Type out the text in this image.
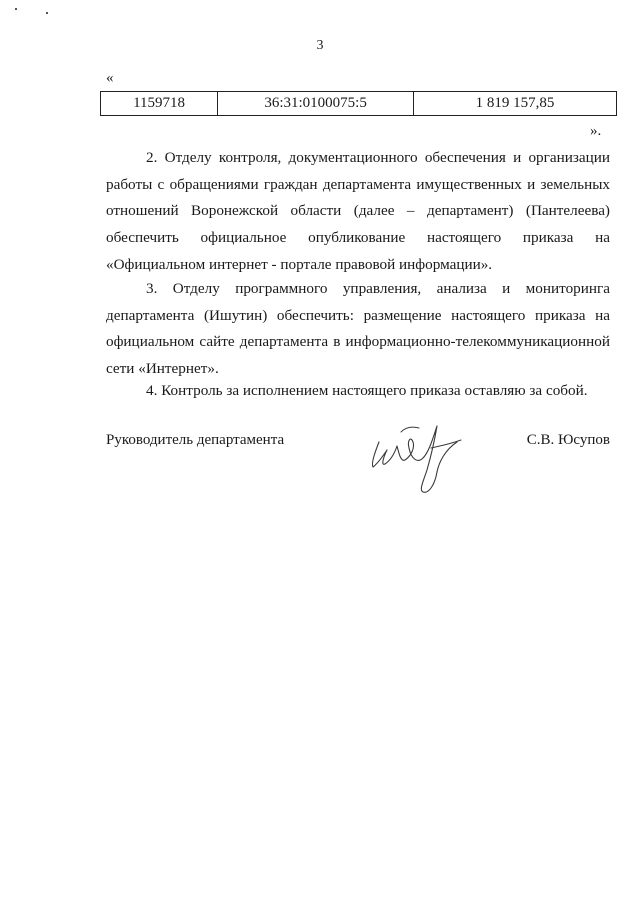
3
«
1159718	36:31:0100075:5	1 819 157,85
».

2. Отделу контроля, документационного обеспечения и организации работы с обращениями граждан департамента имущественных и земельных отношений Воронежской области (далее – департамент) (Пантелеева) обеспечить официальное опубликование настоящего приказа на «Официальном интернет - портале правовой информации».

3. Отделу программного управления, анализа и мониторинга департамента (Ишутин) обеспечить: размещение настоящего приказа на официальном сайте департамента в информационно-телекоммуникационной сети «Интернет».

4. Контроль за исполнением настоящего приказа оставляю за собой.

Руководитель департамента	С.В. Юсупов
